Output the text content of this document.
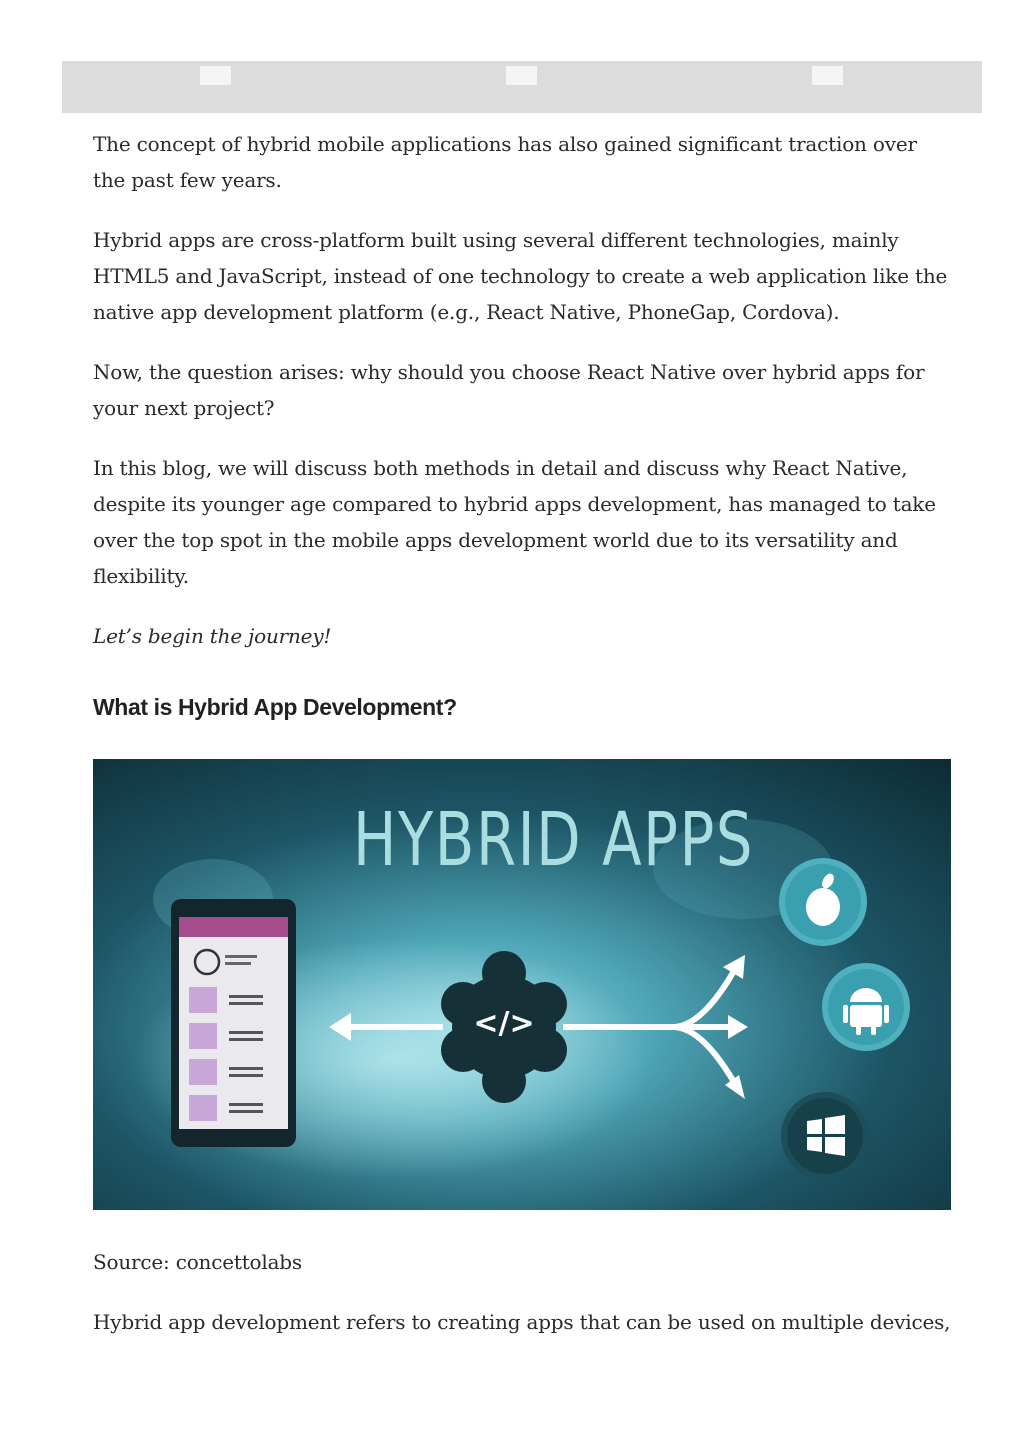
The concept of hybrid mobile applications has also gained significant traction over the past few years.

Hybrid apps are cross-platform built using several different technologies, mainly HTML5 and JavaScript, instead of one technology to create a web application like the native app development platform (e.g., React Native, PhoneGap, Cordova).

Now, the question arises: why should you choose React Native over hybrid apps for your next project?

In this blog, we will discuss both methods in detail and discuss why React Native, despite its younger age compared to hybrid apps development, has managed to take over the top spot in the mobile apps development world due to its versatility and flexibility.

Let’s begin the journey!

What is Hybrid App Development?
HYBRID APPS
</>

Source: concettolabs

Hybrid app development refers to creating apps that can be used on multiple devices,
